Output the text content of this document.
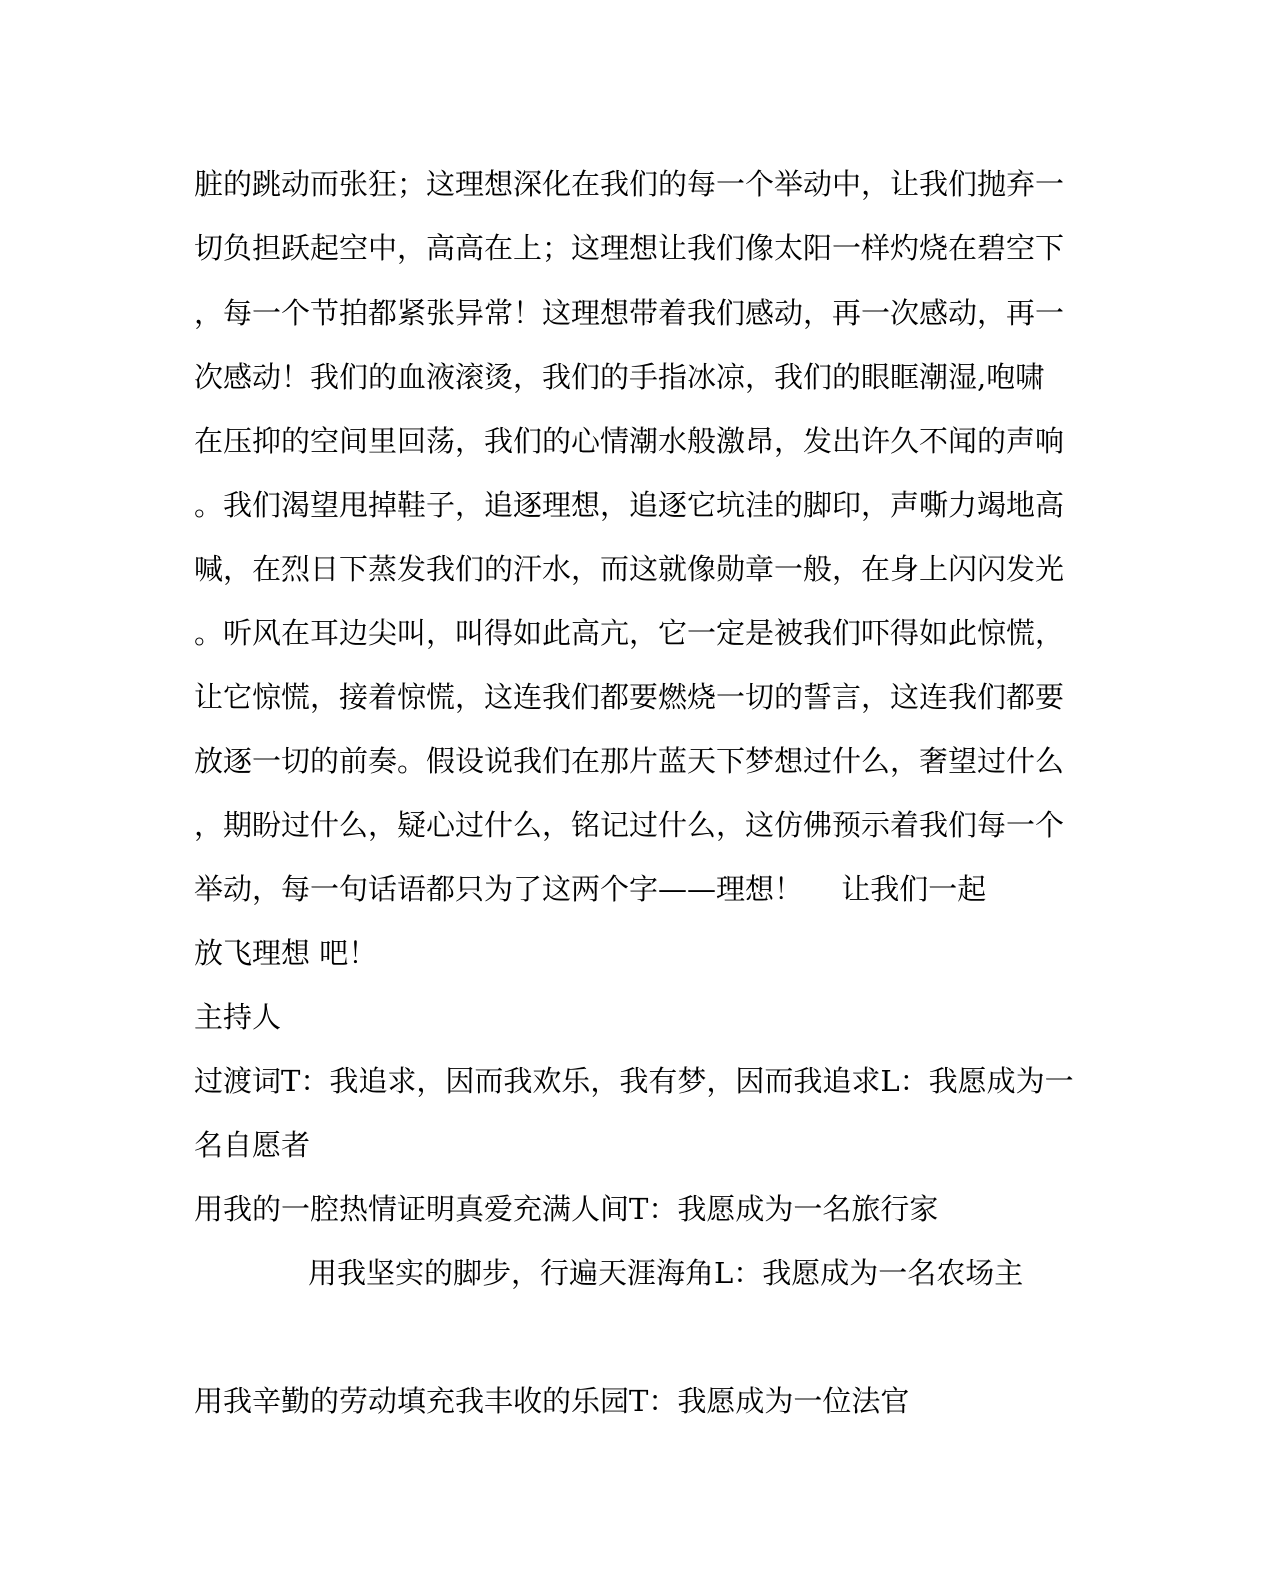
脏的跳动而张狂；这理想深化在我们的每一个举动中，让我们抛弃一
切负担跃起空中，高高在上；这理想让我们像太阳一样灼烧在碧空下
，每一个节拍都紧张异常！这理想带着我们感动，再一次感动，再一
次感动！我们的血液滚烫，我们的手指冰凉，我们的眼眶潮湿,咆啸
在压抑的空间里回荡，我们的心情潮水般激昂，发出许久不闻的声响
。我们渴望甩掉鞋子，追逐理想，追逐它坑洼的脚印，声嘶力竭地高
喊，在烈日下蒸发我们的汗水，而这就像勋章一般，在身上闪闪发光
。听风在耳边尖叫，叫得如此高亢，它一定是被我们吓得如此惊慌，
让它惊慌，接着惊慌，这连我们都要燃烧一切的誓言，这连我们都要
放逐一切的前奏。假设说我们在那片蓝天下梦想过什么，奢望过什么
，期盼过什么，疑心过什么，铭记过什么，这仿佛预示着我们每一个
举动，每一句话语都只为了这两个字——理想！　 让我们一起
放飞理想 吧！
主持人
过渡词T：我追求，因而我欢乐，我有梦，因而我追求L：我愿成为一
名自愿者
用我的一腔热情证明真爱充满人间T：我愿成为一名旅行家
用我坚实的脚步，行遍天涯海角L：我愿成为一名农场主
用我辛勤的劳动填充我丰收的乐园T：我愿成为一位法官
